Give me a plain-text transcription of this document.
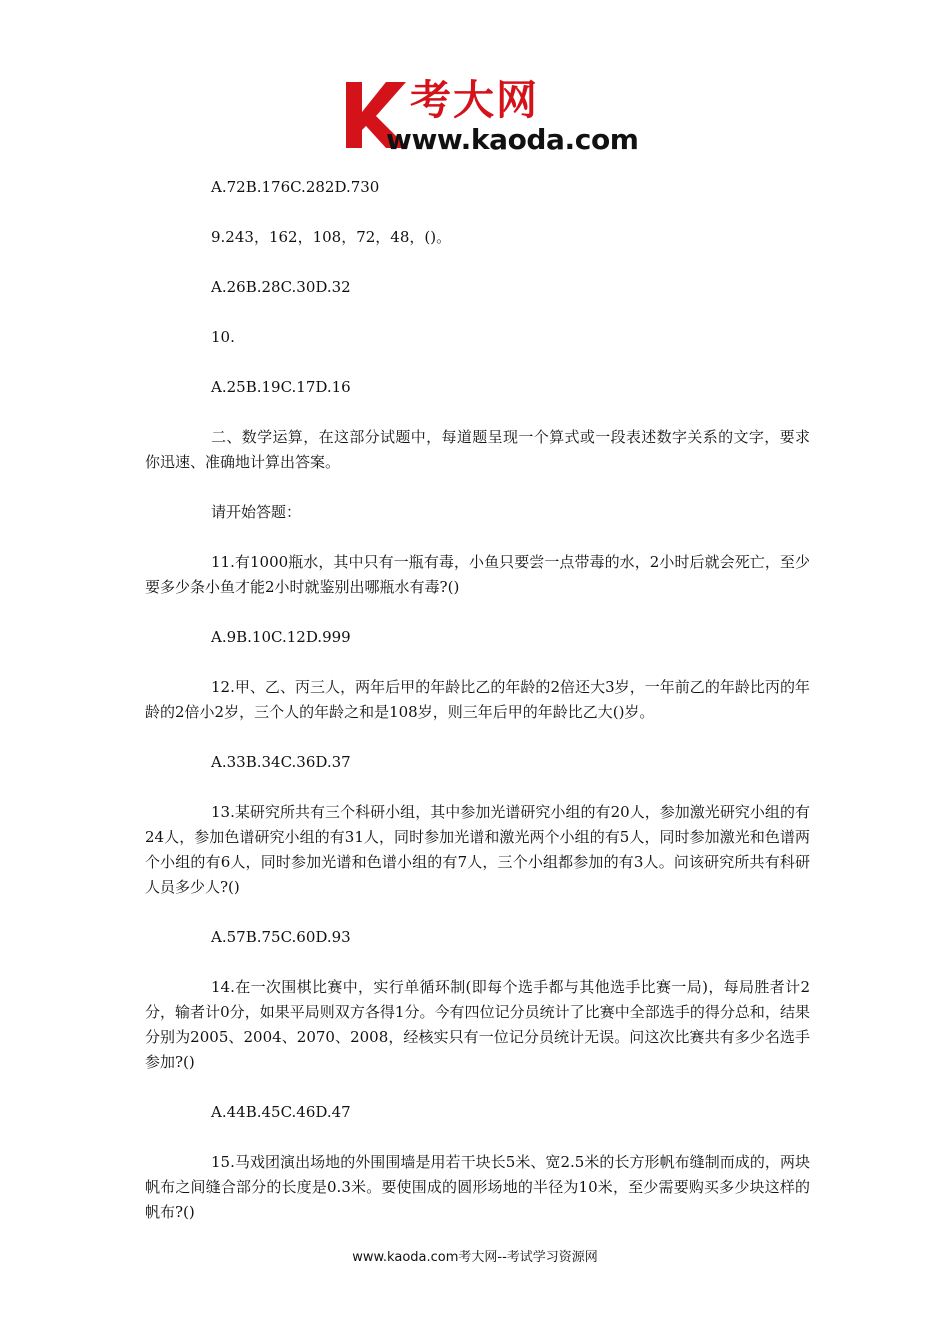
考大网
www.kaoda.com

A.72B.176C.282D.730

9.243，162，108，72，48，()。

A.26B.28C.30D.32

10.

A.25B.19C.17D.16

二、数学运算，在这部分试题中，每道题呈现一个算式或一段表述数字关系的文字，要求你迅速、准确地计算出答案。

请开始答题：

11.有1000瓶水，其中只有一瓶有毒，小鱼只要尝一点带毒的水，2小时后就会死亡，至少要多少条小鱼才能2小时就鉴别出哪瓶水有毒?()

A.9B.10C.12D.999

12.甲、乙、丙三人，两年后甲的年龄比乙的年龄的2倍还大3岁，一年前乙的年龄比丙的年龄的2倍小2岁，三个人的年龄之和是108岁，则三年后甲的年龄比乙大()岁。

A.33B.34C.36D.37

13.某研究所共有三个科研小组，其中参加光谱研究小组的有20人，参加激光研究小组的有24人，参加色谱研究小组的有31人，同时参加光谱和激光两个小组的有5人，同时参加激光和色谱两个小组的有6人，同时参加光谱和色谱小组的有7人，三个小组都参加的有3人。问该研究所共有科研人员多少人?()

A.57B.75C.60D.93

14.在一次围棋比赛中，实行单循环制(即每个选手都与其他选手比赛一局)，每局胜者计2分，输者计0分，如果平局则双方各得1分。今有四位记分员统计了比赛中全部选手的得分总和，结果分别为2005、2004、2070、2008，经核实只有一位记分员统计无误。问这次比赛共有多少名选手参加?()

A.44B.45C.46D.47

15.马戏团演出场地的外围围墙是用若干块长5米、宽2.5米的长方形帆布缝制而成的，两块帆布之间缝合部分的长度是0.3米。要使围成的圆形场地的半径为10米，至少需要购买多少块这样的帆布?()

www.kaoda.com考大网--考试学习资源网
